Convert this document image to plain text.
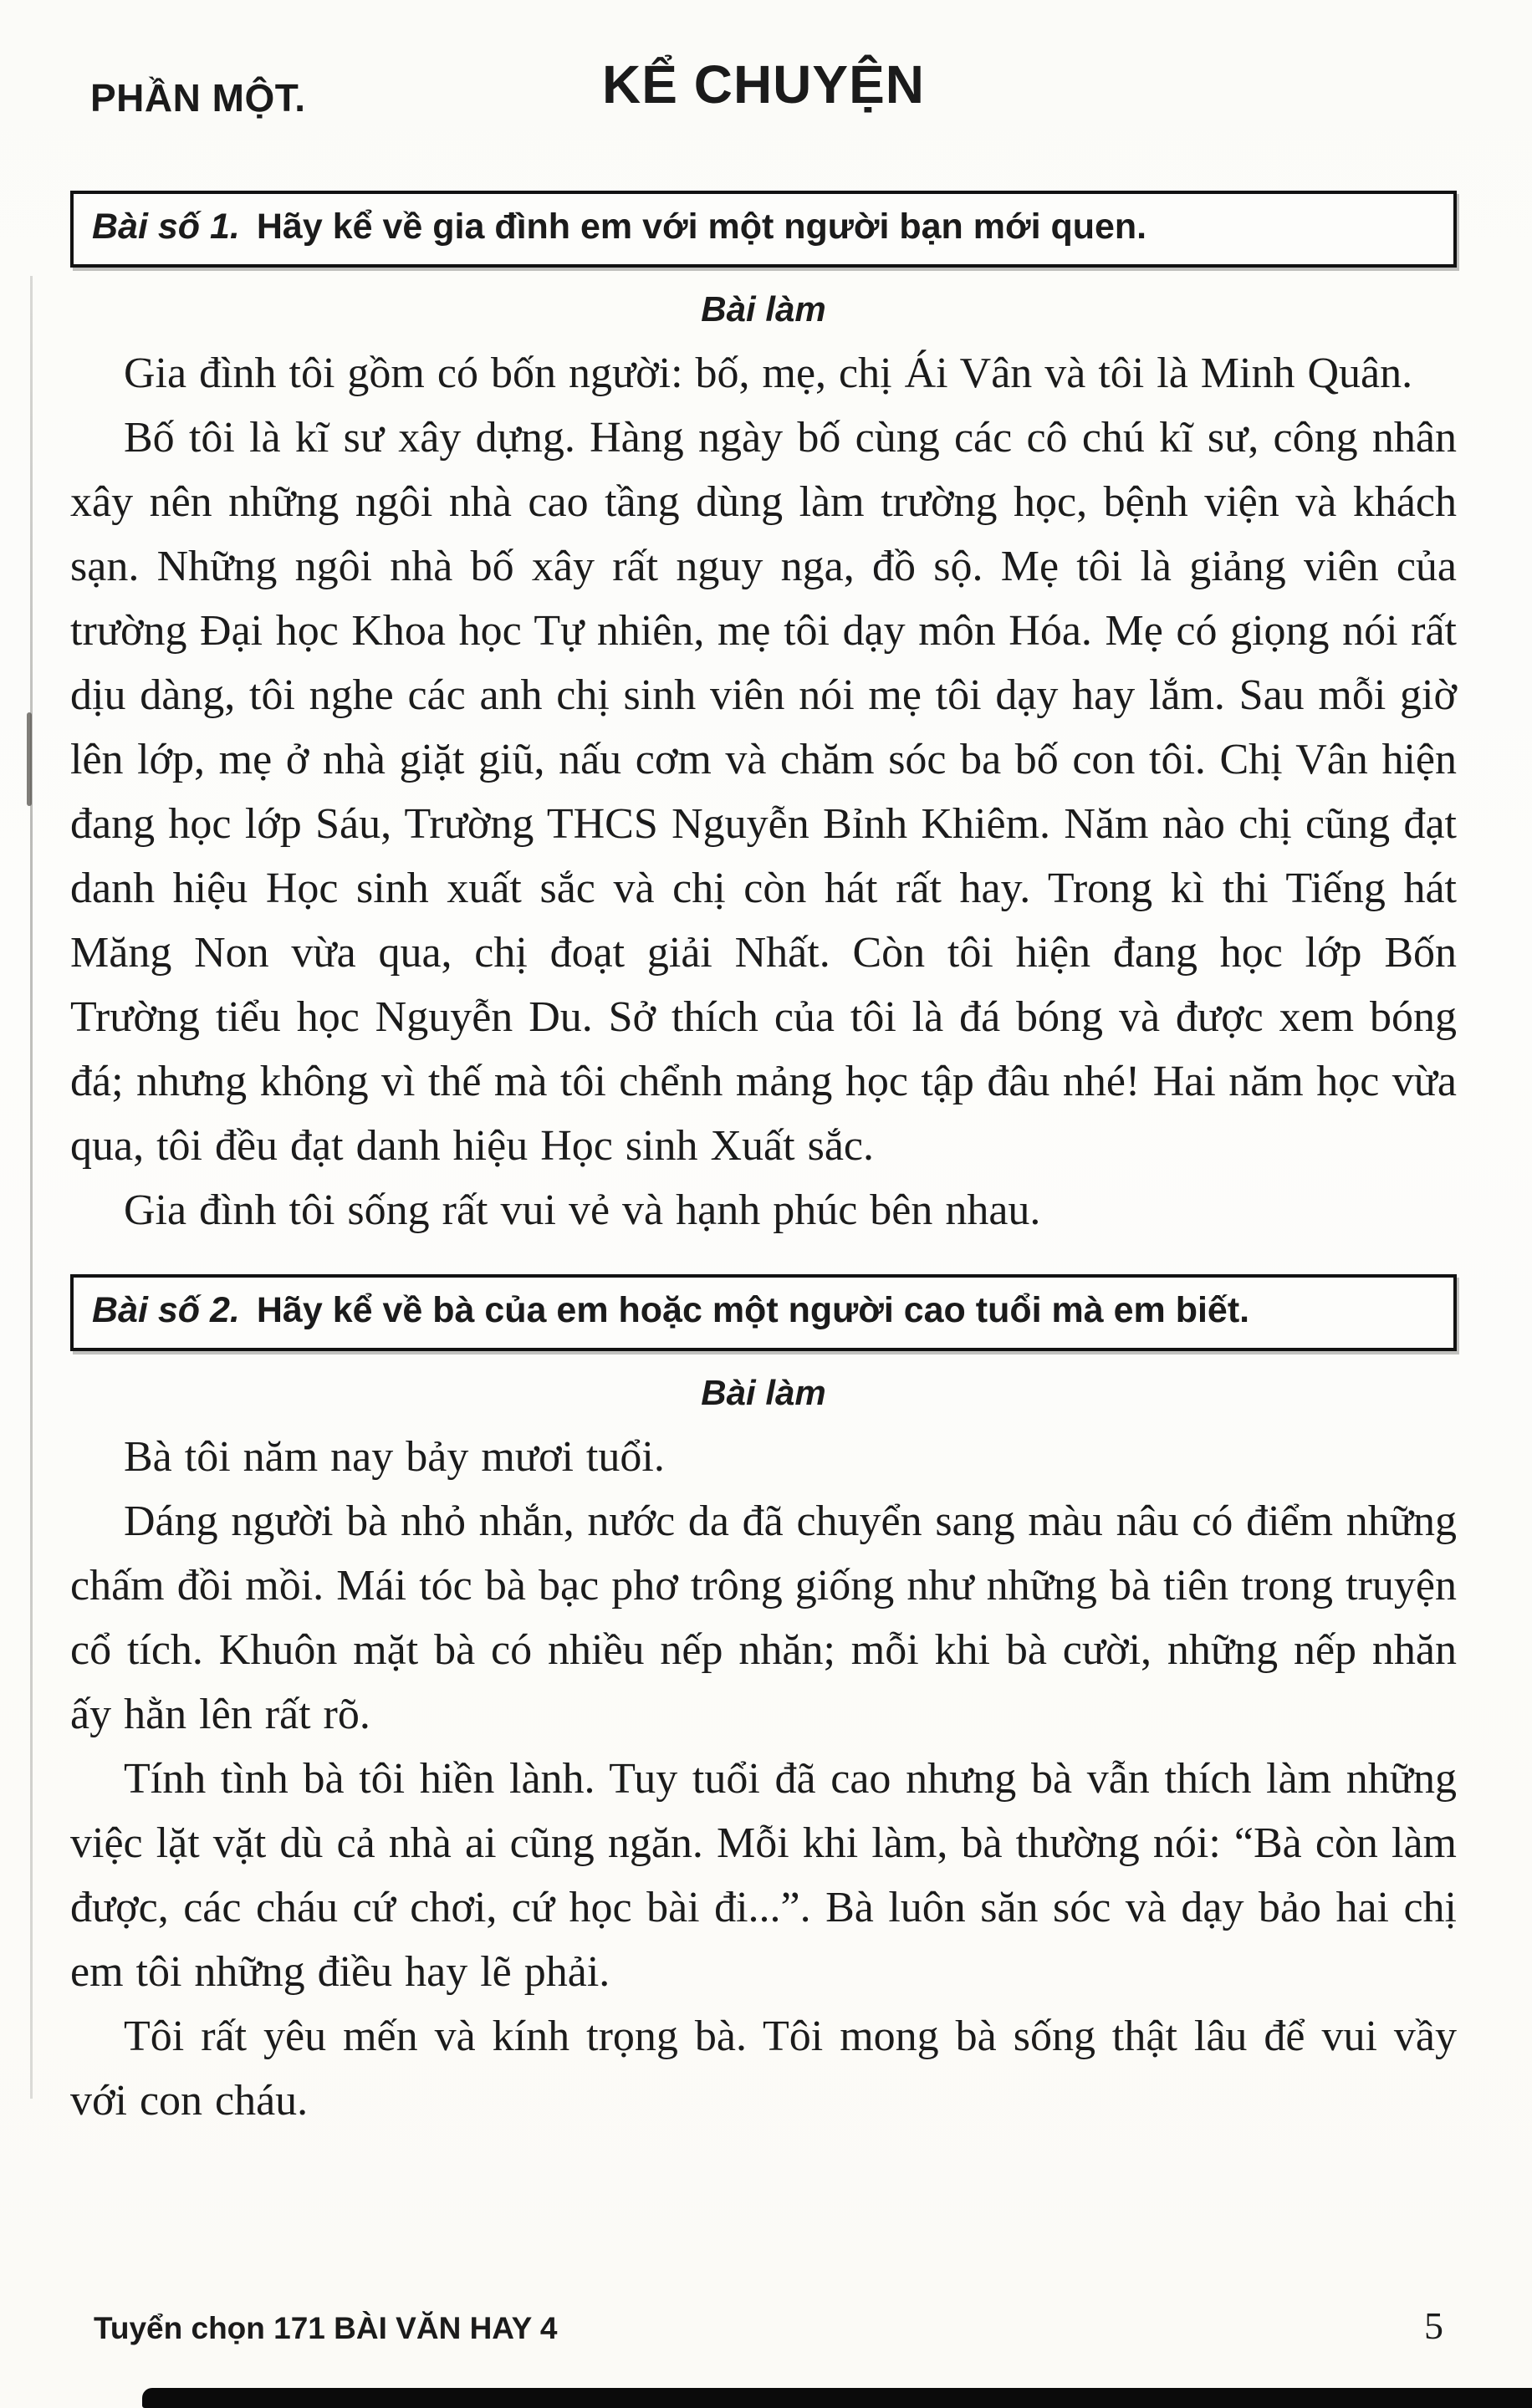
PHẦN MỘT.	KỂ CHUYỆN
Bài số 1. Hãy kể về gia đình em với một người bạn mới quen.
Bài làm

Gia đình tôi gồm có bốn người: bố, mẹ, chị Ái Vân và tôi là Minh Quân.

Bố tôi là kĩ sư xây dựng. Hàng ngày bố cùng các cô chú kĩ sư, công nhân xây nên những ngôi nhà cao tầng dùng làm trường học, bệnh viện và khách sạn. Những ngôi nhà bố xây rất nguy nga, đồ sộ. Mẹ tôi là giảng viên của trường Đại học Khoa học Tự nhiên, mẹ tôi dạy môn Hóa. Mẹ có giọng nói rất dịu dàng, tôi nghe các anh chị sinh viên nói mẹ tôi dạy hay lắm. Sau mỗi giờ lên lớp, mẹ ở nhà giặt giũ, nấu cơm và chăm sóc ba bố con tôi. Chị Vân hiện đang học lớp Sáu, Trường THCS Nguyễn Bỉnh Khiêm. Năm nào chị cũng đạt danh hiệu Học sinh xuất sắc và chị còn hát rất hay. Trong kì thi Tiếng hát Măng Non vừa qua, chị đoạt giải Nhất. Còn tôi hiện đang học lớp Bốn Trường tiểu học Nguyễn Du. Sở thích của tôi là đá bóng và được xem bóng đá; nhưng không vì thế mà tôi chểnh mảng học tập đâu nhé! Hai năm học vừa qua, tôi đều đạt danh hiệu Học sinh Xuất sắc.

Gia đình tôi sống rất vui vẻ và hạnh phúc bên nhau.

Bài số 2. Hãy kể về bà của em hoặc một người cao tuổi mà em biết.
Bài làm

Bà tôi năm nay bảy mươi tuổi.

Dáng người bà nhỏ nhắn, nước da đã chuyển sang màu nâu có điểm những chấm đồi mồi. Mái tóc bà bạc phơ trông giống như những bà tiên trong truyện cổ tích. Khuôn mặt bà có nhiều nếp nhăn; mỗi khi bà cười, những nếp nhăn ấy hằn lên rất rõ.

Tính tình bà tôi hiền lành. Tuy tuổi đã cao nhưng bà vẫn thích làm những việc lặt vặt dù cả nhà ai cũng ngăn. Mỗi khi làm, bà thường nói: “Bà còn làm được, các cháu cứ chơi, cứ học bài đi...”. Bà luôn săn sóc và dạy bảo hai chị em tôi những điều hay lẽ phải.

Tôi rất yêu mến và kính trọng bà. Tôi mong bà sống thật lâu để vui vầy với con cháu.

Tuyển chọn 171 BÀI VĂN HAY 4	5
